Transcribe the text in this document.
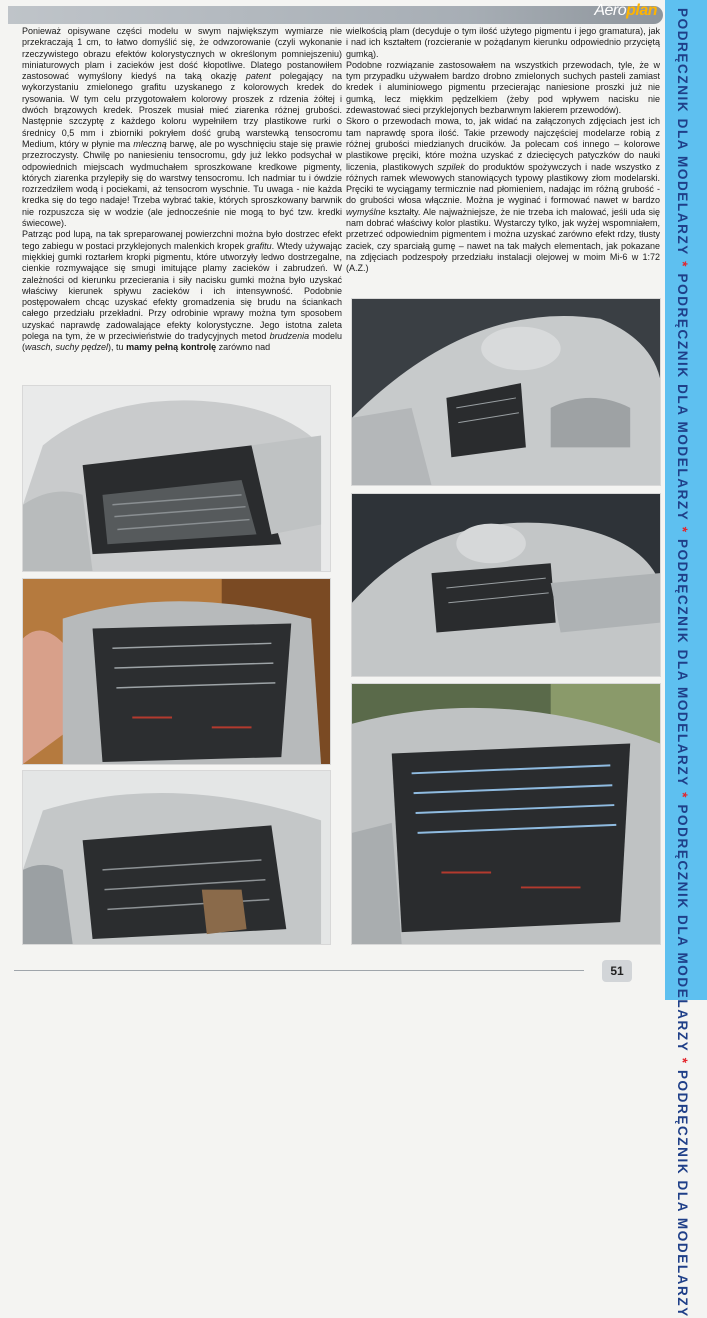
Aeroplan PODRĘCZNIK DLA MODELARZY * PODRĘCZNIK DLA MODELARZY * PODRĘCZNIK DLA MODELARZY * PODRĘCZNIK DLA MODELARZY * PODRĘCZNIK DLA MODELARZY

Ponieważ opisywane części modelu w swym największym wymiarze nie przekraczają 1 cm, to łatwo domyślić się, że odwzorowanie (czyli wykonanie rzeczywistego obrazu efektów kolorystycznych w określonym pomniejszeniu) miniaturowych plam i zacieków jest dość kłopotliwe. Dlatego postanowiłem zastosować wymyślony kiedyś na taką okazję patent polegający na wykorzystaniu zmielonego grafitu uzyskanego z kolorowych kredek do rysowania. W tym celu przygotowałem kolorowy proszek z rdzenia żółtej i dwóch brązowych kredek. Proszek musiał mieć ziarenka różnej grubości. Następnie szczyptę z każdego koloru wypełniłem trzy plastikowe rurki o średnicy 0,5 mm i zbiorniki pokryłem dość grubą warstewką tensocromu Medium, który w płynie ma mleczną barwę, ale po wyschnięciu staje się prawie przezroczysty. Chwilę po naniesieniu tensocromu, gdy już lekko podsychał w odpowiednich miejscach wydmuchałem sproszkowane kredkowe pigmenty, których ziarenka przylepiły się do warstwy tensocromu. Ich nadmiar tu i ówdzie rozrzedziłem wodą i pociekami, aż tensocrom wyschnie. Tu uwaga - nie każda kredka się do tego nadaje! Trzeba wybrać takie, których sproszkowany barwnik nie rozpuszcza się w wodzie (ale jednocześnie nie mogą to być tzw. kredki świecowe).

Patrząc pod lupą, na tak spreparowanej powierzchni można było dostrzec efekt tego zabiegu w postaci przyklejonych malenkich kropek grafitu. Wtedy używając miękkiej gumki roztarłem kropki pigmentu, które utworzyły ledwo dostrzegalne, cienkie rozmywające się smugi imitujące plamy zacieków i zabrudzeń. W zależności od kierunku przecierania i siły nacisku gumki można było uzyskać właściwy kierunek spływu zacieków i ich intensywność. Podobnie postępowałem chcąc uzyskać efekty gromadzenia się brudu na ściankach całego przedziału przekładni. Przy odrobinie wprawy można tym sposobem uzyskać naprawdę zadowalające efekty kolorystyczne. Jego istotna zaleta polega na tym, że w przeciwieństwie do tradycyjnych metod brudzenia modelu (wasch, suchy pędzel), tu mamy pełną kontrolę zarówno nad

wielkością plam (decyduje o tym ilość użytego pigmentu i jego gramatura), jak i nad ich kształtem (rozcieranie w pożądanym kierunku odpowiednio przyciętą gumką).

Podobne rozwiązanie zastosowałem na wszystkich przewodach, tyle, że w tym przypadku używałem bardzo drobno zmielonych suchych pasteli zamiast kredek i aluminiowego pigmentu przecierając naniesione proszki już nie gumką, lecz miękkim pędzelkiem (żeby pod wpływem nacisku nie zdewastować sieci przyklejonych bezbarwnym lakierem przewodów).

Skoro o przewodach mowa, to, jak widać na załączonych zdjęciach jest ich tam naprawdę spora ilość. Takie przewody najczęściej modelarze robią z różnej grubości miedzianych drucików. Ja polecam coś innego – kolorowe plastikowe pręciki, które można uzyskać z dziecięcych patyczków do nauki liczenia, plastikowych szpilek do produktów spożywczych i nade wszystko z różnych ramek wlewowych stanowiących typowy plastikowy złom modelarski. Pręciki te wyciągamy termicznie nad płomieniem, nadając im różną grubość - do grubości włosa włącznie. Można je wyginać i formować nawet w bardzo wymyślne kształty. Ale najważniejsze, że nie trzeba ich malować, jeśli uda się nam dobrać właściwy kolor plastiku. Wystarczy tylko, jak wyżej wspomniałem, przetrzeć odpowiednim pigmentem i można uzyskać zarówno efekt rdzy, tłusty zaciek, czy sparciałą gumę – nawet na tak małych elementach, jak pokazane na zdjęciach podzespoły przedziału instalacji olejowej w moim Mi-6 w 1:72 (A.Z.)

51
